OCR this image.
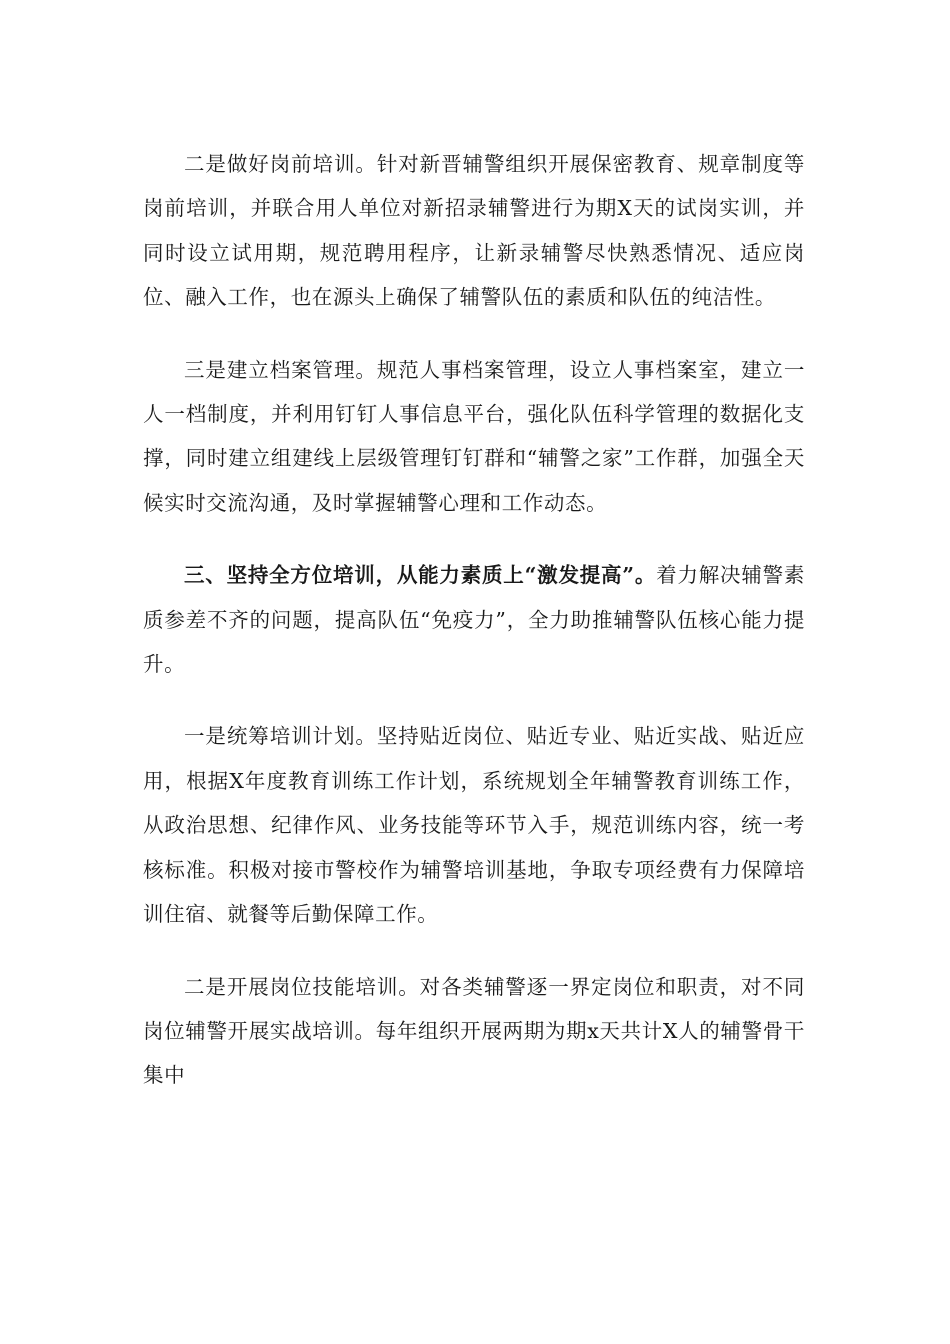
二是做好岗前培训。针对新晋辅警组织开展保密教育、规章制度等岗前培训，并联合用人单位对新招录辅警进行为期X天的试岗实训，并同时设立试用期，规范聘用程序，让新录辅警尽快熟悉情况、适应岗位、融入工作，也在源头上确保了辅警队伍的素质和队伍的纯洁性。

三是建立档案管理。规范人事档案管理，设立人事档案室，建立一人一档制度，并利用钉钉人事信息平台，强化队伍科学管理的数据化支撑，同时建立组建线上层级管理钉钉群和“辅警之家”工作群，加强全天候实时交流沟通，及时掌握辅警心理和工作动态。

三、坚持全方位培训，从能力素质上“激发提高”。着力解决辅警素质参差不齐的问题，提高队伍“免疫力”，全力助推辅警队伍核心能力提升。

一是统筹培训计划。坚持贴近岗位、贴近专业、贴近实战、贴近应用，根据X年度教育训练工作计划，系统规划全年辅警教育训练工作，从政治思想、纪律作风、业务技能等环节入手，规范训练内容，统一考核标准。积极对接市警校作为辅警培训基地，争取专项经费有力保障培训住宿、就餐等后勤保障工作。

二是开展岗位技能培训。对各类辅警逐一界定岗位和职责，对不同岗位辅警开展实战培训。每年组织开展两期为期x天共计X人的辅警骨干集中
